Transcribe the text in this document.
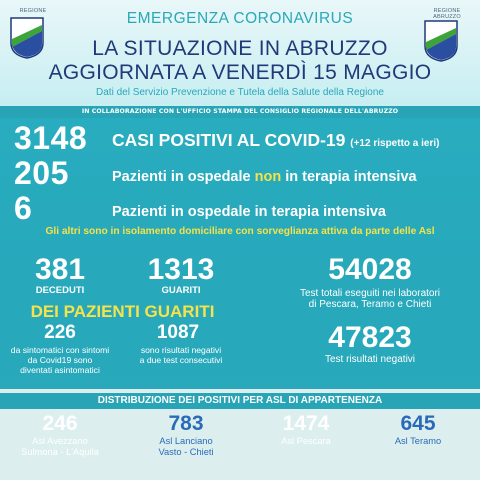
REGIONE	REGIONE
ABRUZZO
EMERGENZA CORONAVIRUS
LA SITUAZIONE IN ABRUZZO
AGGIORNATA A VENERDÌ 15 MAGGIO
Dati del Servizio Prevenzione e Tutela della Salute della Regione
IN COLLABORAZIONE CON L'UFFICIO STAMPA DEL CONSIGLIO REGIONALE DELL'ABRUZZO
3148 CASI POSITIVI AL COVID-19 (+12 rispetto a ieri)
205	Pazienti in ospedale non in terapia intensiva
6	Pazienti in ospedale in terapia intensiva
Gli altri sono in isolamento domiciliare con sorveglianza attiva da parte delle Asl
381
DECEDUTI
1313
GUARITI
54028
Test totali eseguiti nei laboratori
di Pescara, Teramo e Chieti
47823
Test risultati negativi
DEI PAZIENTI GUARITI
226
da sintomatici con sintomi
da Covid19 sono
diventati asintomatici
1087
sono risultati negativi
a due test consecutivi
DISTRIBUZIONE DEI POSITIVI PER ASL DI APPARTENENZA
246
Asl Avezzano
Sulmona - L'Aquila
783
Asl Lanciano
Vasto - Chieti
1474
Asl Pescara
645
Asl Teramo
